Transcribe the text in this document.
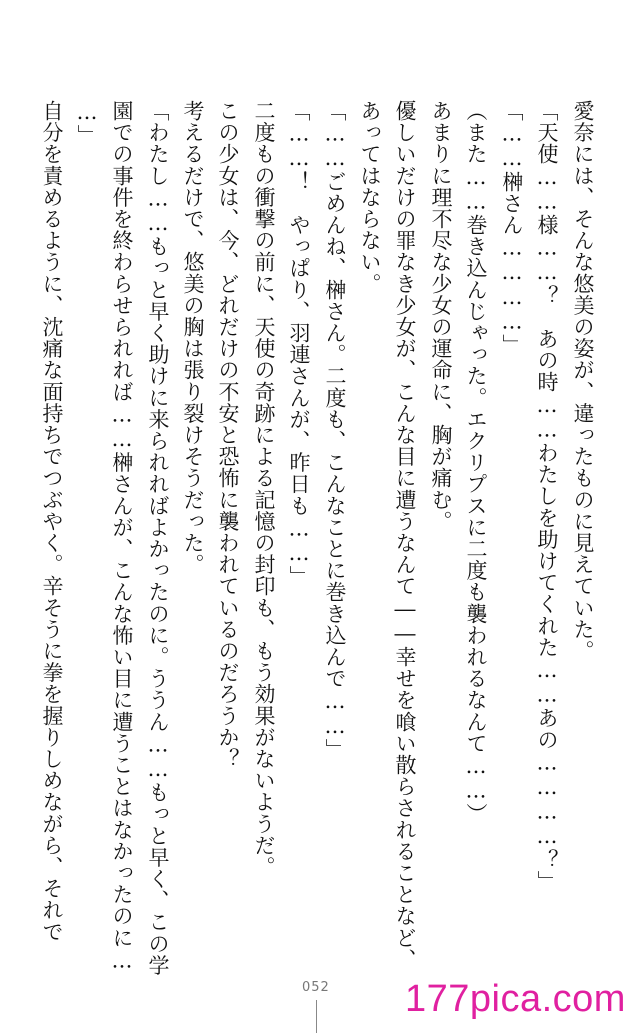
愛奈には、そんな悠美の姿が、違ったものに見えていた。
「天使……様……？　あの時……わたしを助けてくれた……あの…………？」
「……榊さん…………」
（また……巻き込んじゃった。エクリプスに二度も襲われるなんて……）
あまりに理不尽な少女の運命に、胸が痛む。
優しいだけの罪なき少女が、こんな目に遭うなんて――幸せを喰い散らされることなど、
あってはならない。
「……ごめんね、榊さん。二度も、こんなことに巻き込んで……」
「……！　やっぱり、羽連さんが、昨日も……」
二度もの衝撃の前に、天使の奇跡による記憶の封印も、もう効果がないようだ。
この少女は、今、どれだけの不安と恐怖に襲われているのだろうか？
考えるだけで、悠美の胸は張り裂けそうだった。
「わたし……もっと早く助けに来られればよかったのに。ううん……もっと早く、この学
園での事件を終わらせられれば……榊さんが、こんな怖い目に遭うことはなかったのに…
…」
自分を責めるように、沈痛な面持ちでつぶやく。辛そうに拳を握りしめながら、それで
052 177pica.com
